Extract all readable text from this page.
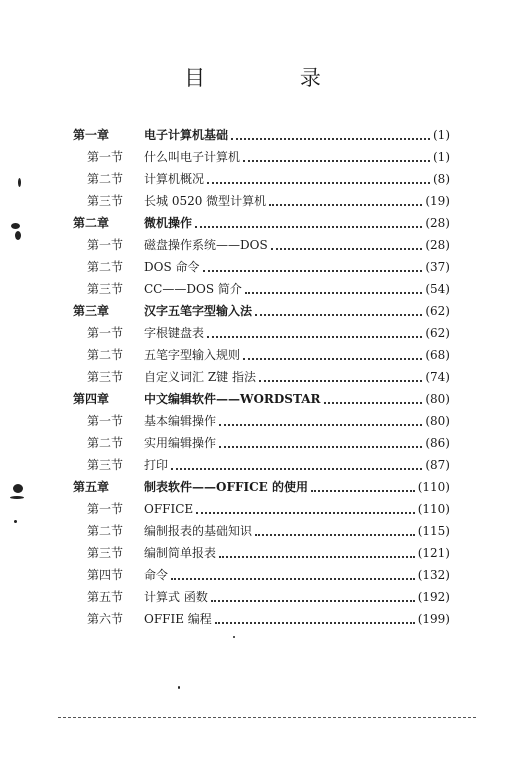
目 录
第一章	电子计算机基础	(1)
第一节 什么叫电子计算机	(1)
第二节 计算机概况	(8)
第三节 长城 0520 微型计算机	(19)
第二章	微机操作	(28)
第一节 磁盘操作系统——DOS	(28)
第二节 DOS 命令	(37)
第三节 CC——DOS 简介	(54)
第三章	汉字五笔字型输入法	(62)
第一节 字根键盘表	(62)
第二节 五笔字型输入规则	(68)
第三节 自定义词汇 Z键 指法	(74)
第四章	中文编辑软件——WORDSTAR	(80)
第一节 基本编辑操作	(80)
第二节 实用编辑操作	(86)
第三节 打印	(87)
第五章	制表软件——OFFICE 的使用	(110)
第一节 OFFICE	(110)
第二节 编制报表的基础知识	(115)
第三节 编制简单报表	(121)
第四节 命令	(132)
第五节 计算式 函数	(192)
第六节 OFFIE 编程	(199)
